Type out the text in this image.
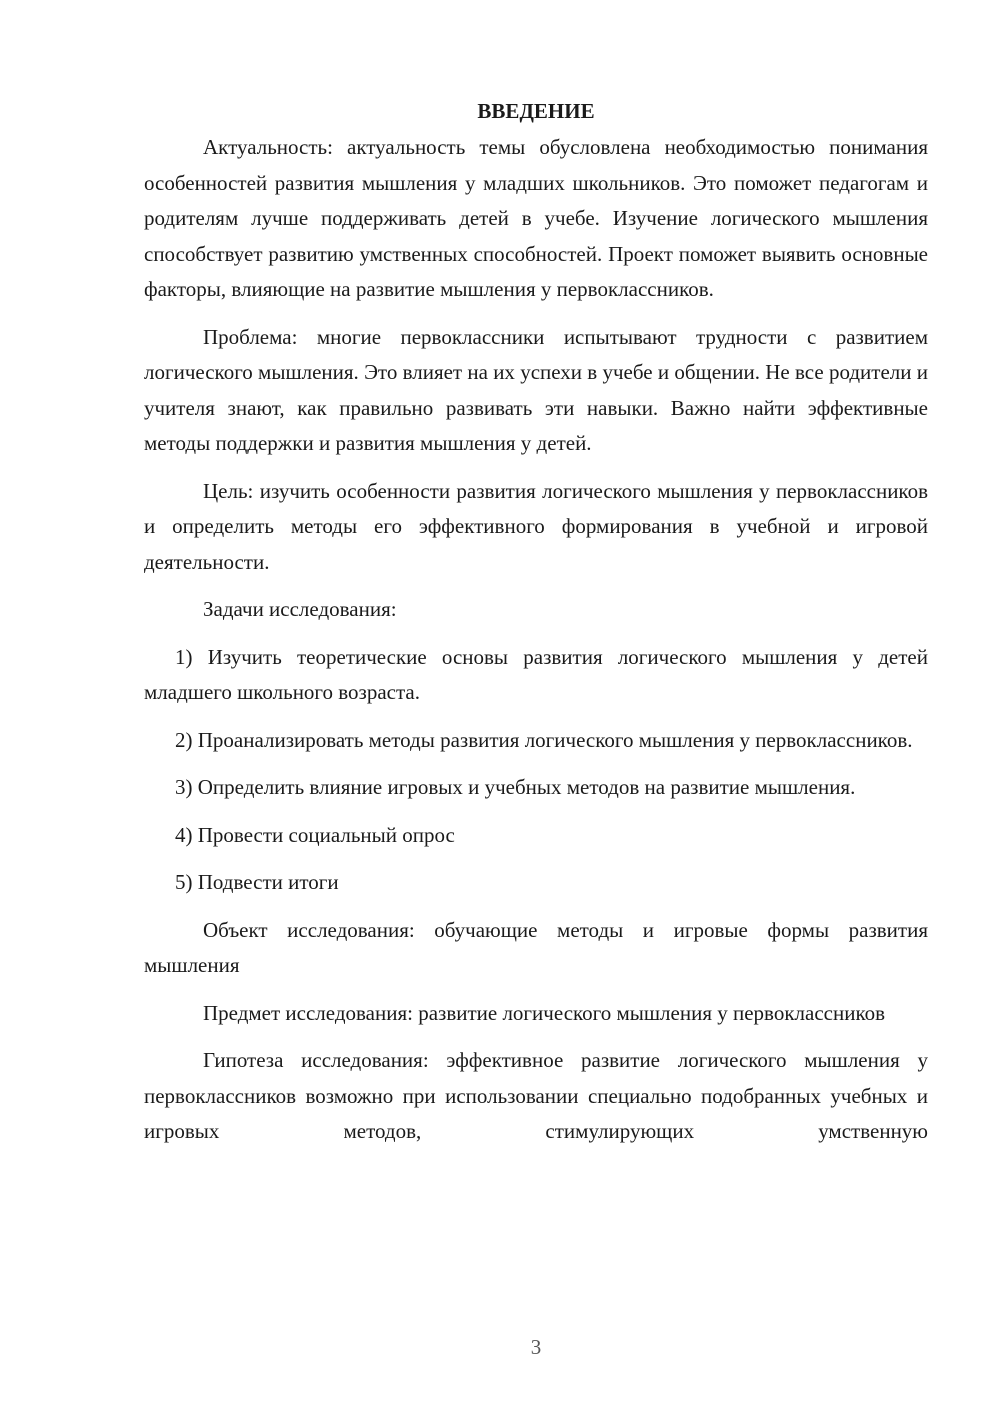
ВВЕДЕНИЕ

Актуальность: актуальность темы обусловлена необходимостью понимания особенностей развития мышления у младших школьников. Это поможет педагогам и родителям лучше поддерживать детей в учебе. Изучение логического мышления способствует развитию умственных способностей. Проект поможет выявить основные факторы, влияющие на развитие мышления у первоклассников.

Проблема: многие первоклассники испытывают трудности с развитием логического мышления. Это влияет на их успехи в учебе и общении. Не все родители и учителя знают, как правильно развивать эти навыки. Важно найти эффективные методы поддержки и развития мышления у детей.

Цель: изучить особенности развития логического мышления у первоклассников и определить методы его эффективного формирования в учебной и игровой деятельности.

Задачи исследования:

1) Изучить теоретические основы развития логического мышления у детей младшего школьного возраста.

2) Проанализировать методы развития логического мышления у первоклассников.

3) Определить влияние игровых и учебных методов на развитие мышления.

4) Провести социальный опрос

5) Подвести итоги

Объект исследования: обучающие методы и игровые формы развития мышления

Предмет исследования: развитие логического мышления у первоклассников

Гипотеза исследования: эффективное развитие логического мышления у первоклассников возможно при использовании специально подобранных учебных и игровых методов, стимулирующих умственную

3
